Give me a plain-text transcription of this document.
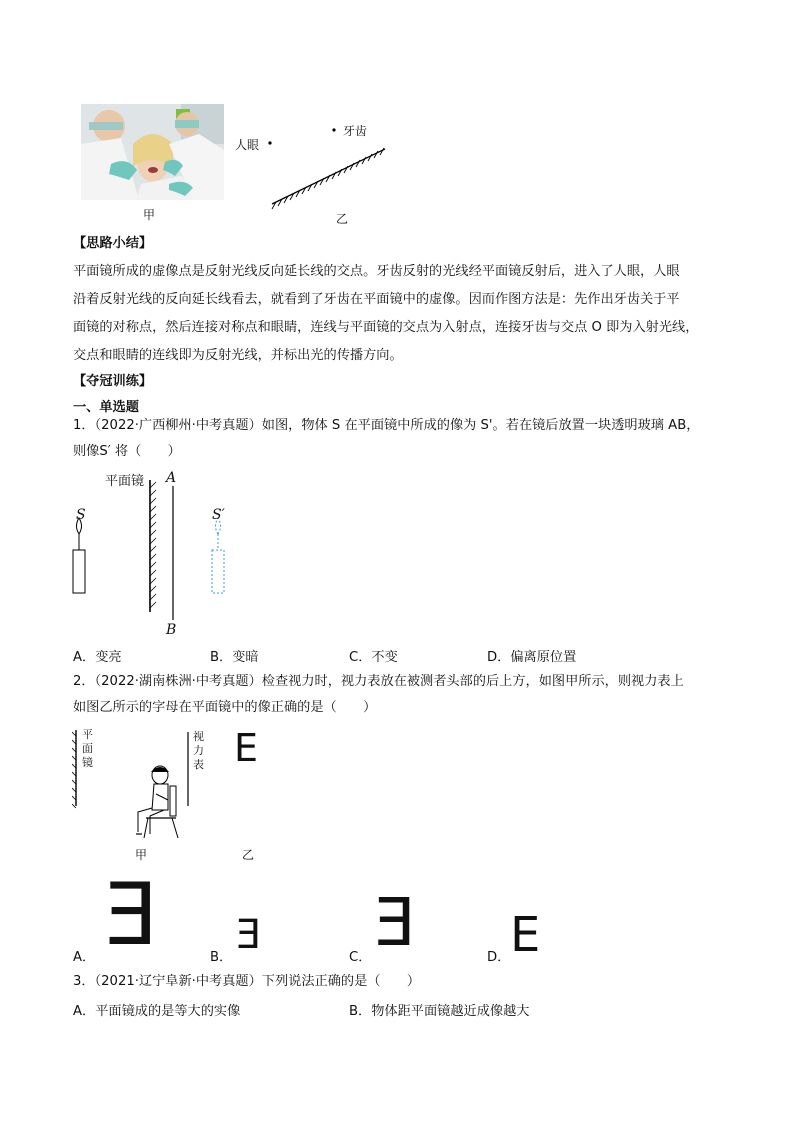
甲
人眼
牙齿
乙
【思路小结】
平面镜所成的虚像点是反射光线反向延长线的交点。牙齿反射的光线经平面镜反射后，进入了人眼，人眼
沿着反射光线的反向延长线看去，就看到了牙齿在平面镜中的虚像。因而作图方法是：先作出牙齿关于平
面镜的对称点，然后连接对称点和眼睛，连线与平面镜的交点为入射点，连接牙齿与交点 O 即为入射光线，
交点和眼睛的连线即为反射光线，并标出光的传播方向。
【夺冠训练】
一、单选题
1．（2022·广西柳州·中考真题）如图，物体 S 在平面镜中所成的像为 S'。若在镜后放置一块透明玻璃 AB，
则像S′ 将（　　）
平面镜
S
A
S′
B
A．变亮	B．变暗	C．不变	D．偏离原位置
2．（2022·湖南株洲·中考真题）检查视力时，视力表放在被测者头部的后上方，如图甲所示，则视力表上
如图乙所示的字母在平面镜中的像正确的是（　　）
平面镜
视力表 E
甲	乙
A． E	B． E	C． E	D． E
3．（2021·辽宁阜新·中考真题）下列说法正确的是（　　）
A．平面镜成的是等大的实像	B．物体距平面镜越近成像越大
